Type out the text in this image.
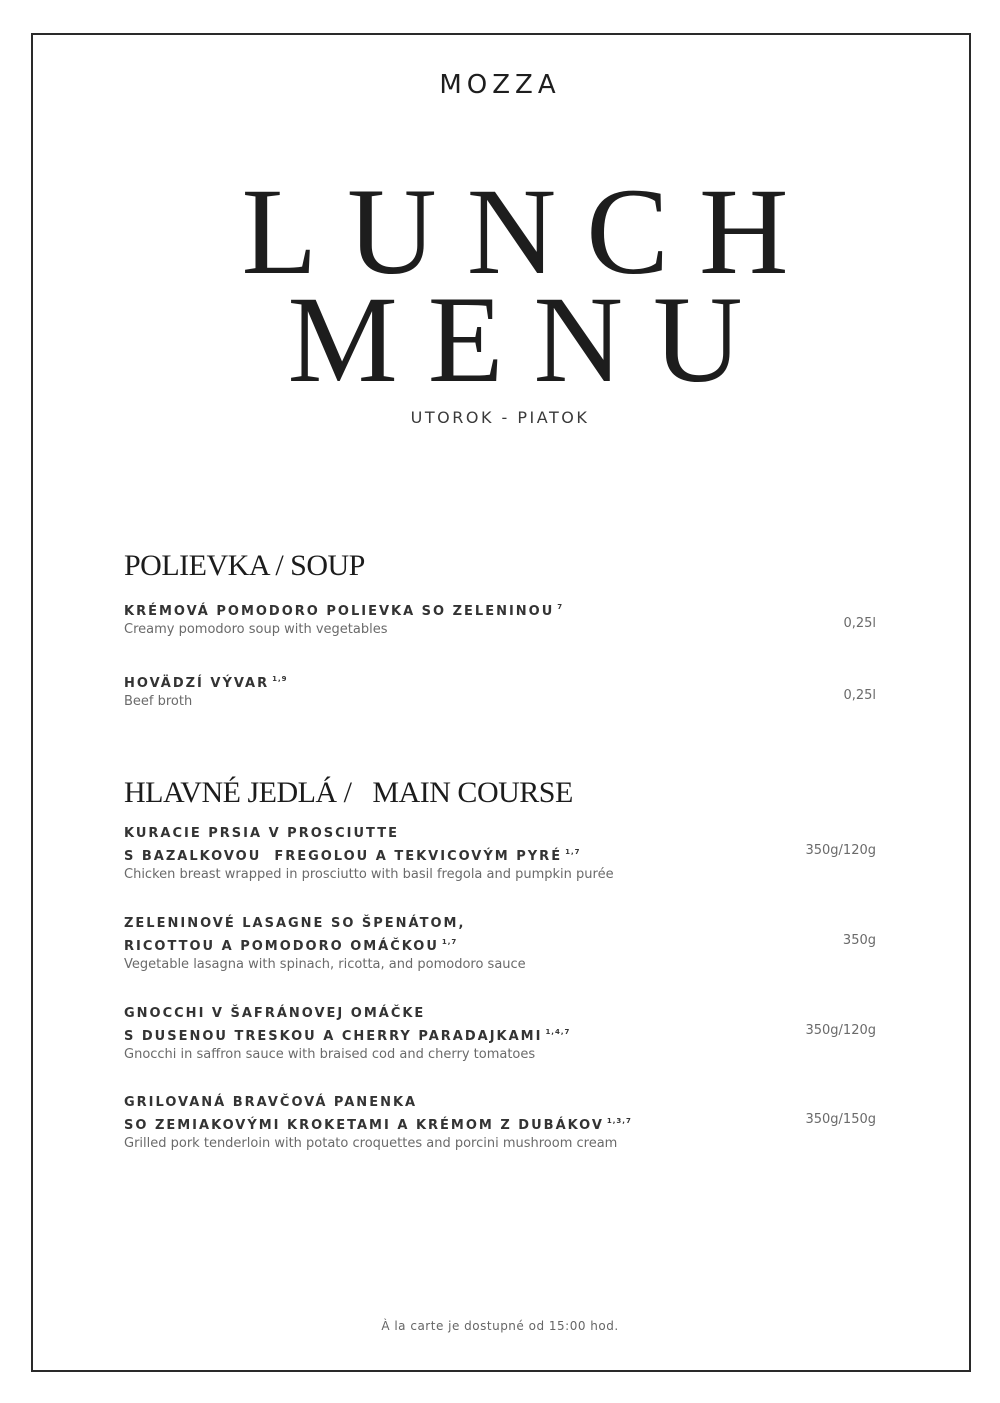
MOZZA
LUNCH
MENU
UTOROK - PIATOK
POLIEVKA / SOUP
KRÉMOVÁ POMODORO POLIEVKA SO ZELENINOU $^7$
Creamy pomodoro soup with vegetables	0,25l
HOVÄDZÍ VÝVAR $^{1,9}$
Beef broth	0,25l
HLAVNÉ JEDLÁ /   MAIN COURSE
KURACIE PRSIA V PROSCIUTTE
S BAZALKOVOU  FREGOLOU A TEKVICOVÝM PYRÉ $^{1,7}$
Chicken breast wrapped in prosciutto with basil fregola and pumpkin purée
350g/120g
ZELENINOVÉ LASAGNE SO ŠPENÁTOM,
RICOTTOU A POMODORO OMÁČKOU $^{1,7}$
Vegetable lasagna with spinach, ricotta, and pomodoro sauce
350g
GNOCCHI V ŠAFRÁNOVEJ OMÁČKE
S DUSENOU TRESKOU A CHERRY PARADAJKAMI $^{1,4,7}$
Gnocchi in saffron sauce with braised cod and cherry tomatoes
350g/120g
GRILOVANÁ BRAVČOVÁ PANENKA
SO ZEMIAKOVÝMI KROKETAMI A KRÉMOM Z DUBÁKOV $^{1,3,7}$
Grilled pork tenderloin with potato croquettes and porcini mushroom cream
350g/150g
À la carte je dostupné od 15:00 hod.
